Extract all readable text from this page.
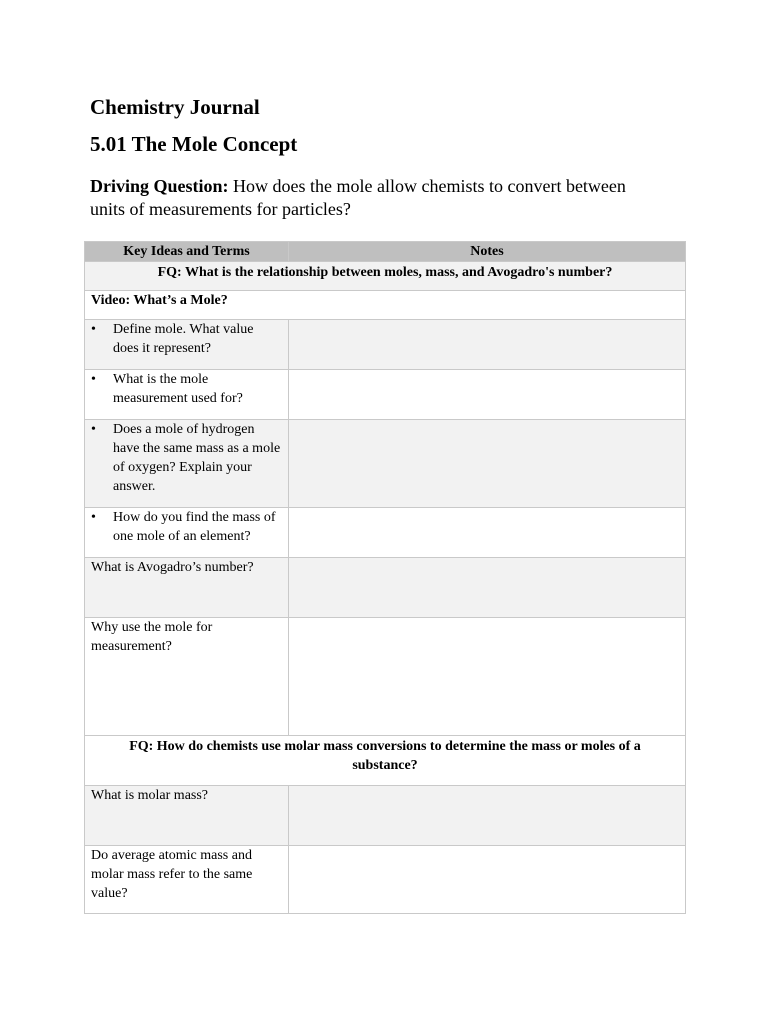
Chemistry Journal
5.01 The Mole Concept
Driving Question: How does the mole allow chemists to convert between units of measurements for particles?
Key Ideas and Terms	Notes
FQ: What is the relationship between moles, mass, and Avogadro's number?	
Video: What’s a Mole?	

• Define mole. What value does it represent?	

• What is the mole measurement used for?	

• Does a mole of hydrogen have the same mass as a mole of oxygen? Explain your answer.	

• How do you find the mass of one mole of an element?	

What is Avogadro’s number?	
Why use the mole for measurement?	
FQ: How do chemists use molar mass conversions to determine the mass or moles of a substance?	
What is molar mass?	
Do average atomic mass and molar mass refer to the same value?	
